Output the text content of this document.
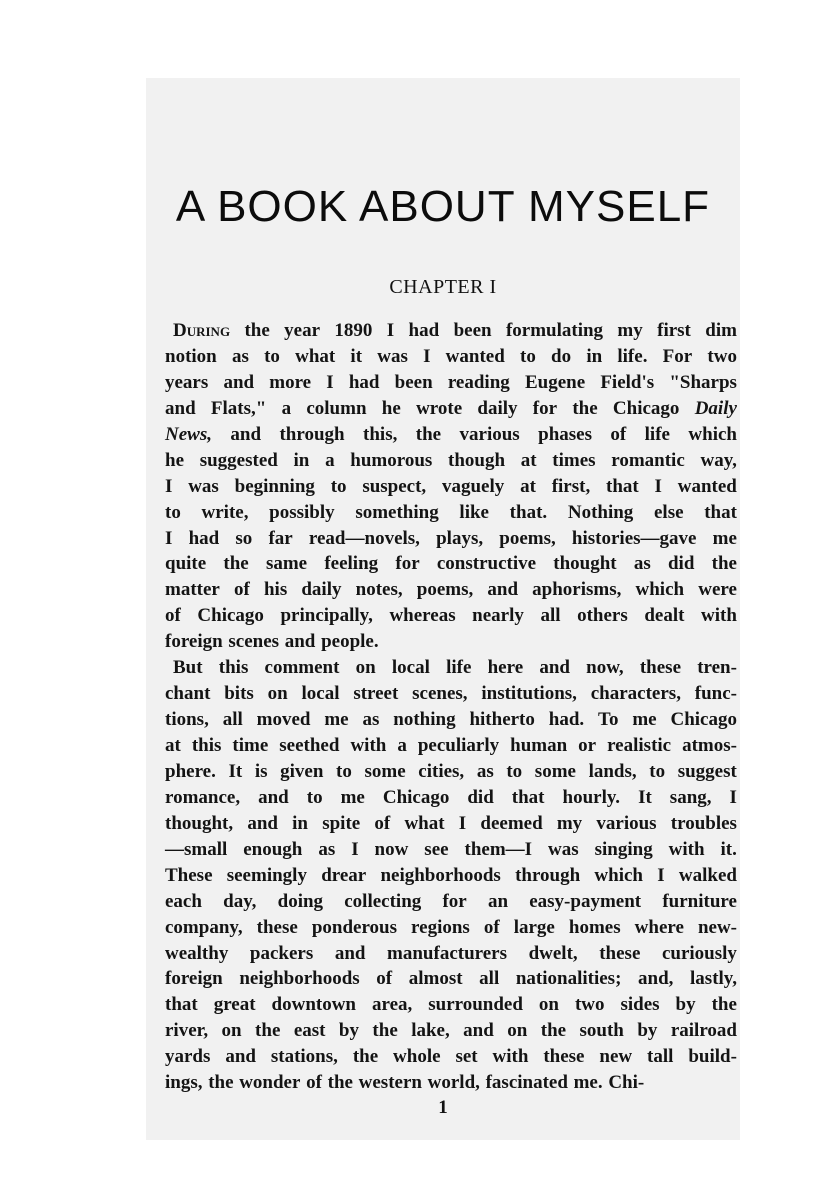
A BOOK ABOUT MYSELF
CHAPTER I
During the year 1890 I had been formulating my first dim
notion as to what it was I wanted to do in life. For two
years and more I had been reading Eugene Field's "Sharps
and Flats," a column he wrote daily for the Chicago Daily
News, and through this, the various phases of life which
he suggested in a humorous though at times romantic way,
I was beginning to suspect, vaguely at first, that I wanted
to write, possibly something like that. Nothing else that
I had so far read—novels, plays, poems, histories—gave me
quite the same feeling for constructive thought as did the
matter of his daily notes, poems, and aphorisms, which were
of Chicago principally, whereas nearly all others dealt with
foreign scenes and people.
But this comment on local life here and now, these tren-
chant bits on local street scenes, institutions, characters, func-
tions, all moved me as nothing hitherto had. To me Chicago
at this time seethed with a peculiarly human or realistic atmos-
phere. It is given to some cities, as to some lands, to suggest
romance, and to me Chicago did that hourly. It sang, I
thought, and in spite of what I deemed my various troubles
—small enough as I now see them—I was singing with it.
These seemingly drear neighborhoods through which I walked
each day, doing collecting for an easy-payment furniture
company, these ponderous regions of large homes where new-
wealthy packers and manufacturers dwelt, these curiously
foreign neighborhoods of almost all nationalities; and, lastly,
that great downtown area, surrounded on two sides by the
river, on the east by the lake, and on the south by railroad
yards and stations, the whole set with these new tall build-
ings, the wonder of the western world, fascinated me. Chi-
1
